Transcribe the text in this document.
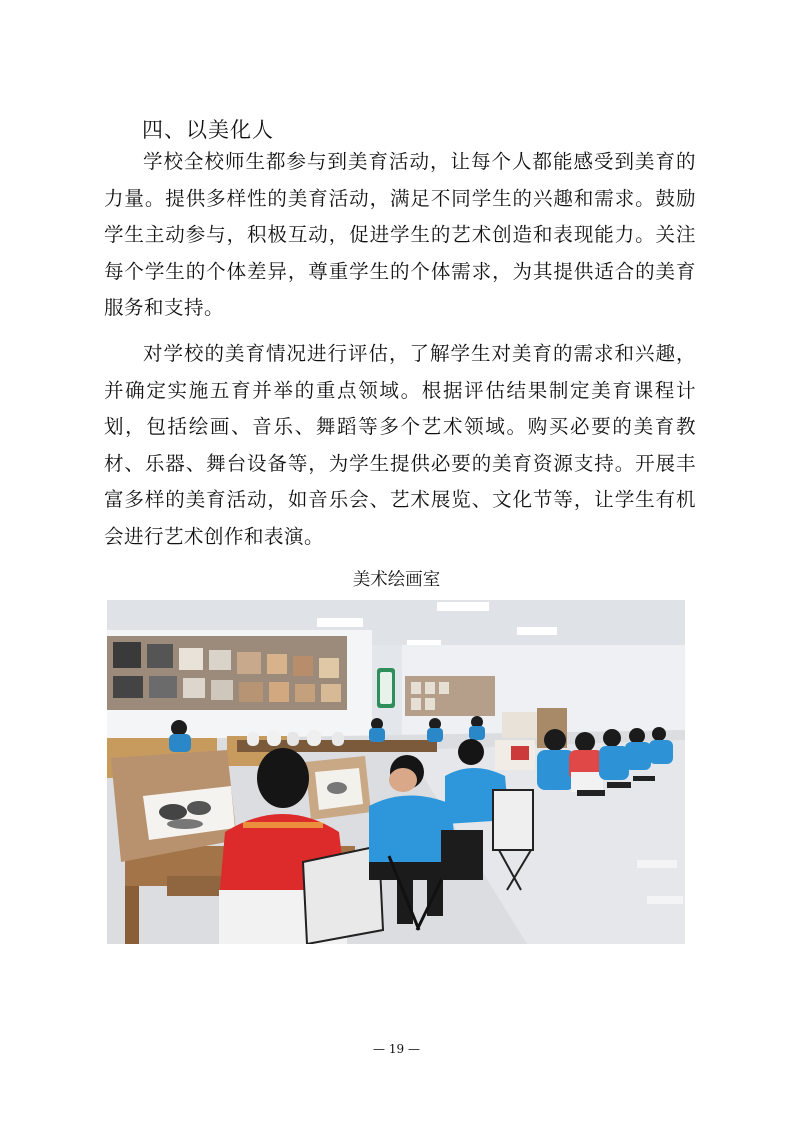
四、以美化人

学校全校师生都参与到美育活动，让每个人都能感受到美育的力量。提供多样性的美育活动，满足不同学生的兴趣和需求。鼓励学生主动参与，积极互动，促进学生的艺术创造和表现能力。关注每个学生的个体差异，尊重学生的个体需求，为其提供适合的美育服务和支持。

对学校的美育情况进行评估，了解学生对美育的需求和兴趣，并确定实施五育并举的重点领域。根据评估结果制定美育课程计划，包括绘画、音乐、舞蹈等多个艺术领域。购买必要的美育教材、乐器、舞台设备等，为学生提供必要的美育资源支持。开展丰富多样的美育活动，如音乐会、艺术展览、文化节等，让学生有机会进行艺术创作和表演。

美术绘画室
— 19 —
